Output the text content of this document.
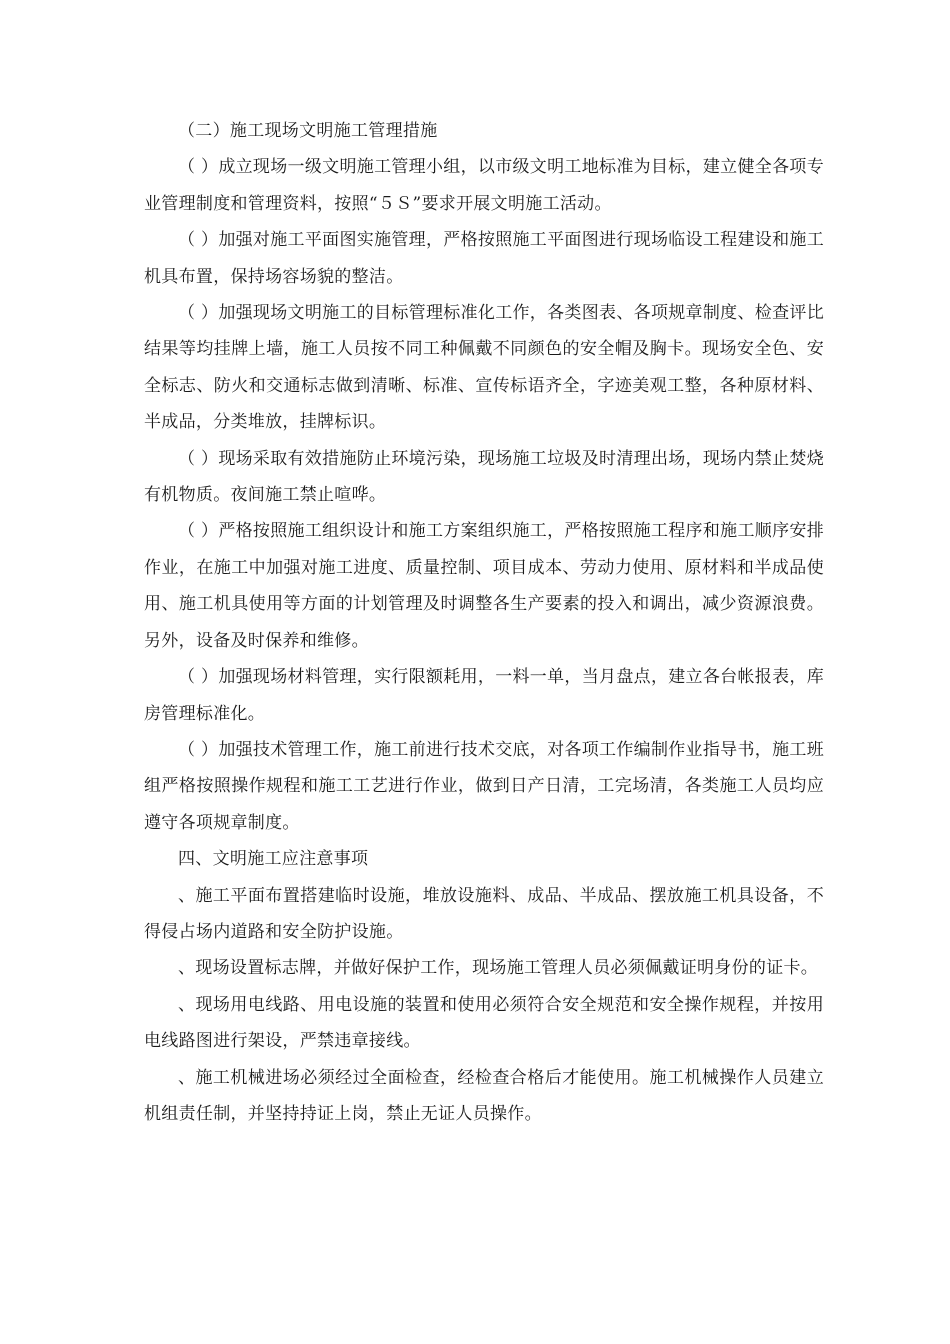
（二）施工现场文明施工管理措施

（ ）成立现场一级文明施工管理小组，以市级文明工地标准为目标，建立健全各项专业管理制度和管理资料，按照“５Ｓ”要求开展文明施工活动。

（ ）加强对施工平面图实施管理，严格按照施工平面图进行现场临设工程建设和施工机具布置，保持场容场貌的整洁。

（ ）加强现场文明施工的目标管理标准化工作，各类图表、各项规章制度、检查评比结果等均挂牌上墙，施工人员按不同工种佩戴不同颜色的安全帽及胸卡。现场安全色、安全标志、防火和交通标志做到清晰、标准、宣传标语齐全，字迹美观工整，各种原材料、半成品，分类堆放，挂牌标识。

（ ）现场采取有效措施防止环境污染，现场施工垃圾及时清理出场，现场内禁止焚烧有机物质。夜间施工禁止喧哗。

（ ）严格按照施工组织设计和施工方案组织施工，严格按照施工程序和施工顺序安排作业，在施工中加强对施工进度、质量控制、项目成本、劳动力使用、原材料和半成品使用、施工机具使用等方面的计划管理及时调整各生产要素的投入和调出，减少资源浪费。另外，设备及时保养和维修。

（ ）加强现场材料管理，实行限额耗用，一料一单，当月盘点，建立各台帐报表，库房管理标准化。

（ ）加强技术管理工作，施工前进行技术交底，对各项工作编制作业指导书，施工班组严格按照操作规程和施工工艺进行作业，做到日产日清，工完场清，各类施工人员均应遵守各项规章制度。

四、文明施工应注意事项

、施工平面布置搭建临时设施，堆放设施料、成品、半成品、摆放施工机具设备，不得侵占场内道路和安全防护设施。

、现场设置标志牌，并做好保护工作，现场施工管理人员必须佩戴证明身份的证卡。

、现场用电线路、用电设施的装置和使用必须符合安全规范和安全操作规程，并按用电线路图进行架设，严禁违章接线。

、施工机械进场必须经过全面检查，经检查合格后才能使用。施工机械操作人员建立机组责任制，并坚持持证上岗，禁止无证人员操作。
